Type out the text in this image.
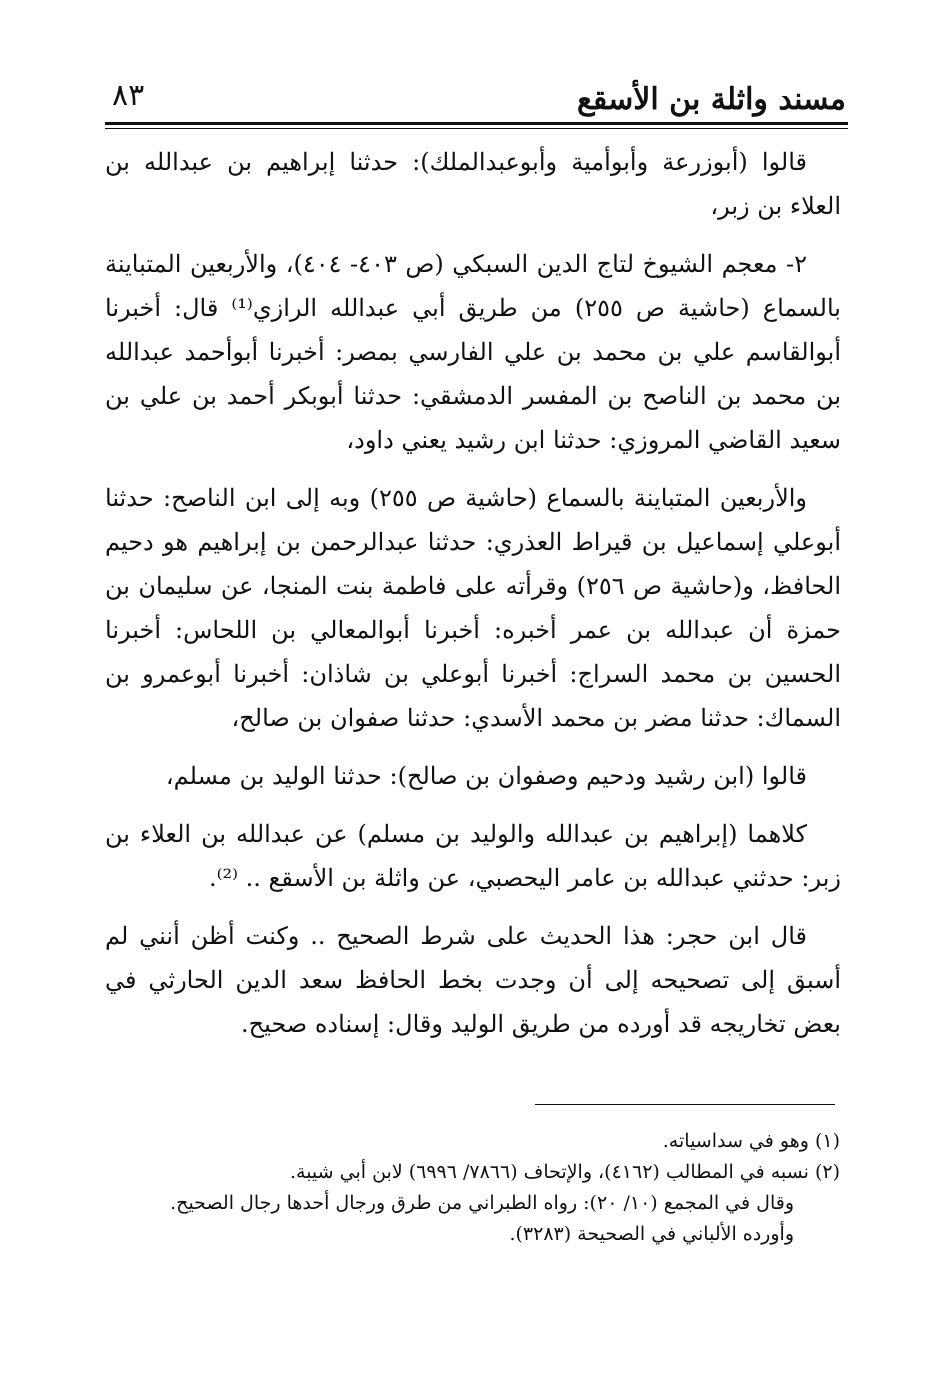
مسند واثلة بن الأسقع
٨٣

قالوا (أبوزرعة وأبوأمية وأبوعبدالملك): حدثنا إبراهيم بن عبدالله بن العلاء بن زبر،

٢- معجم الشيوخ لتاج الدين السبكي (ص ٤٠٣- ٤٠٤)، والأربعين المتباينة بالسماع (حاشية ص ٢٥٥) من طريق أبي عبدالله الرازي⁽¹⁾ قال: أخبرنا أبوالقاسم علي بن محمد بن علي الفارسي بمصر: أخبرنا أبوأحمد عبدالله بن محمد بن الناصح بن المفسر الدمشقي: حدثنا أبوبكر أحمد بن علي بن سعيد القاضي المروزي: حدثنا ابن رشيد يعني داود،

والأربعين المتباينة بالسماع (حاشية ص ٢٥٥) وبه إلى ابن الناصح: حدثنا أبوعلي إسماعيل بن قيراط العذري: حدثنا عبدالرحمن بن إبراهيم هو دحيم الحافظ، و(حاشية ص ٢٥٦) وقرأته على فاطمة بنت المنجا، عن سليمان بن حمزة أن عبدالله بن عمر أخبره: أخبرنا أبوالمعالي بن اللحاس: أخبرنا الحسين بن محمد السراج: أخبرنا أبوعلي بن شاذان: أخبرنا أبوعمرو بن السماك: حدثنا مضر بن محمد الأسدي: حدثنا صفوان بن صالح،

قالوا (ابن رشيد ودحيم وصفوان بن صالح): حدثنا الوليد بن مسلم،

كلاهما (إبراهيم بن عبدالله والوليد بن مسلم) عن عبدالله بن العلاء بن زبر: حدثني عبدالله بن عامر اليحصبي، عن واثلة بن الأسقع .. ⁽²⁾.

قال ابن حجر: هذا الحديث على شرط الصحيح .. وكنت أظن أنني لم أسبق إلى تصحيحه إلى أن وجدت بخط الحافظ سعد الدين الحارثي في بعض تخاريجه قد أورده من طريق الوليد وقال: إسناده صحيح.

(١) وهو في سداسياته.

(٢) نسبه في المطالب (٤١٦٢)، والإتحاف (٧٨٦٦/ ٦٩٩٦) لابن أبي شيبة.

وقال في المجمع (١٠/ ٢٠): رواه الطبراني من طرق ورجال أحدها رجال الصحيح.

وأورده الألباني في الصحيحة (٣٢٨٣).
